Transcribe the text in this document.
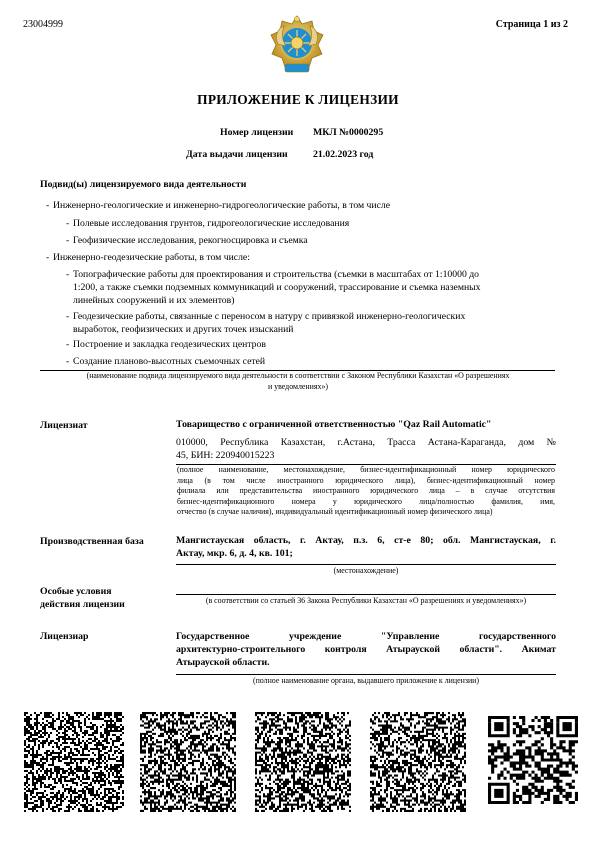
23004999	Страница 1 из 2
ПРИЛОЖЕНИЕ К ЛИЦЕНЗИИ
Номер лицензии МКЛ №0000295
Дата выдачи лицензии	21.02.2023 год
Подвид(ы) лицензируемого вида деятельности
- Инженерно-геологические и инженерно-гидрогеологические работы, в том числе
- Полевые исследования грунтов, гидрогеологические исследования
- Геофизические исследования, рекогносцировка и съемка
- Инженерно-геодезические работы, в том числе:
- Топографические работы для проектирования и строительства (съемки в масштабах от 1:10000 до
1:200, а также съемки подземных коммуникаций и сооружений, трассирование и съемка наземных
линейных сооружений и их элементов)
- Геодезические работы, связанные с переносом в натуру с привязкой инженерно-геологических
выработок, геофизических и других точек изысканий
- Построение и закладка геодезических центров
- Создание планово-высотных съемочных сетей
(наименование подвида лицензируемого вида деятельности в соответствии с Законом Республики Казахстан «О разрешениях
и уведомлениях»)
Лицензиат	Товарищество с ограниченной ответственностью "Qaz Rail Automatic"
010000, Республика Казахстан, г.Астана, Трасса Астана-Караганда, дом №
45, БИН: 220940015223
(полное наименование, местонахождение, бизнес-идентификационный номер юридического
лица (в том числе иностранного юридического лица), бизнес-идентификационный номер
филиала или представительства иностранного юридического лица – в случае отсутствия
бизнес-идентификационного номера у юридического лица/полностью фамилия, имя,
отчество (в случае наличия), индивидуальный идентификационный номер физического лица)
Производственная база	Мангистауская область, г. Актау, п.з. 6, ст-е 80; обл. Мангистауская, г.
Актау, мкр. 6, д. 4, кв. 101;
(местонахождение)
Особые условия
действия лицензии	(в соответствии со статьей 36 Закона Республики Казахстан «О разрешениях и уведомлениях»)
Лицензиар	Государственное учреждение "Управление государственного
архитектурно-строительного контроля Атырауской области". Акимат
Атырауской области.
(полное наименование органа, выдавшего приложение к лицензии)
